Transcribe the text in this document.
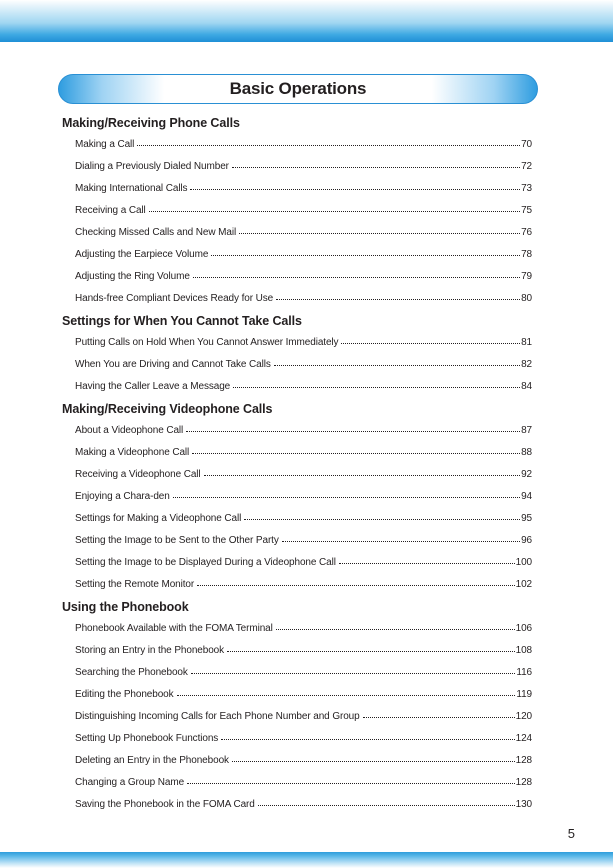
Basic Operations
Making/Receiving Phone Calls
Making a Call	70
Dialing a Previously Dialed Number	72
Making International Calls	73
Receiving a Call	75
Checking Missed Calls and New Mail	76
Adjusting the Earpiece Volume	78
Adjusting the Ring Volume	79
Hands-free Compliant Devices Ready for Use	80
Settings for When You Cannot Take Calls
Putting Calls on Hold When You Cannot Answer Immediately	81
When You are Driving and Cannot Take Calls	82
Having the Caller Leave a Message	84
Making/Receiving Videophone Calls
About a Videophone Call	87
Making a Videophone Call	88
Receiving a Videophone Call	92
Enjoying a Chara-den	94
Settings for Making a Videophone Call	95
Setting the Image to be Sent to the Other Party	96
Setting the Image to be Displayed During a Videophone Call	100
Setting the Remote Monitor	102
Using the Phonebook
Phonebook Available with the FOMA Terminal	106
Storing an Entry in the Phonebook	108
Searching the Phonebook	116
Editing the Phonebook	119
Distinguishing Incoming Calls for Each Phone Number and Group	120
Setting Up Phonebook Functions	124
Deleting an Entry in the Phonebook	128
Changing a Group Name	128
Saving the Phonebook in the FOMA Card	130
5
